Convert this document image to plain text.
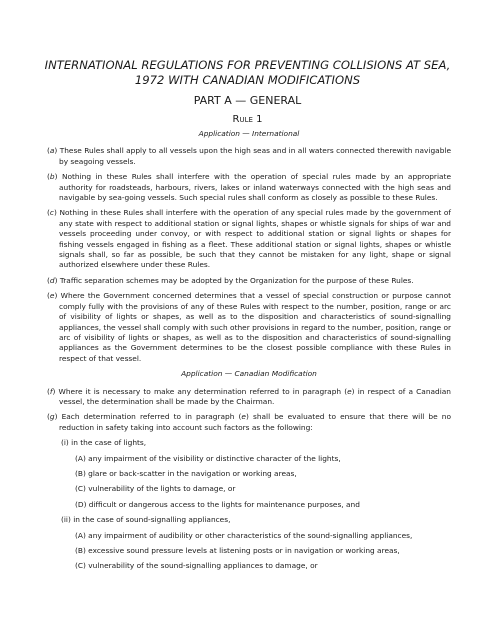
INTERNATIONAL REGULATIONS FOR PREVENTING COLLISIONS AT SEA, 1972 WITH CANADIAN MODIFICATIONS
PART A — GENERAL
Rule 1

Application — International

(a) These Rules shall apply to all vessels upon the high seas and in all waters connected therewith navigable by seagoing vessels.

(b) Nothing in these Rules shall interfere with the operation of special rules made by an appropriate authority for roadsteads, harbours, rivers, lakes or inland waterways connected with the high seas and navigable by sea-going vessels. Such special rules shall conform as closely as possible to these Rules.

(c) Nothing in these Rules shall interfere with the operation of any special rules made by the government of any state with respect to additional station or signal lights, shapes or whistle signals for ships of war and vessels proceeding under convoy, or with respect to additional station or signal lights or shapes for fishing vessels engaged in fishing as a fleet. These additional station or signal lights, shapes or whistle signals shall, so far as possible, be such that they cannot be mistaken for any light, shape or signal authorized elsewhere under these Rules.

(d) Traffic separation schemes may be adopted by the Organization for the purpose of these Rules.

(e) Where the Government concerned determines that a vessel of special construction or purpose cannot comply fully with the provisions of any of these Rules with respect to the number, position, range or arc of visibility of lights or shapes, as well as to the disposition and characteristics of sound-signalling appliances, the vessel shall comply with such other provisions in regard to the number, position, range or arc of visibility of lights or shapes, as well as to the disposition and characteristics of sound-signalling appliances as the Government determines to be the closest possible compliance with these Rules in respect of that vessel.

Application — Canadian Modification

(f) Where it is necessary to make any determination referred to in paragraph (e) in respect of a Canadian vessel, the determination shall be made by the Chairman.

(g) Each determination referred to in paragraph (e) shall be evaluated to ensure that there will be no reduction in safety taking into account such factors as the following:

(i) in the case of lights,

(A) any impairment of the visibility or distinctive character of the lights,

(B) glare or back-scatter in the navigation or working areas,

(C) vulnerability of the lights to damage, or

(D) difficult or dangerous access to the lights for maintenance purposes, and

(ii) in the case of sound-signalling appliances,

(A) any impairment of audibility or other characteristics of the sound-signalling appliances,

(B) excessive sound pressure levels at listening posts or in navigation or working areas,

(C) vulnerability of the sound-signalling appliances to damage, or
